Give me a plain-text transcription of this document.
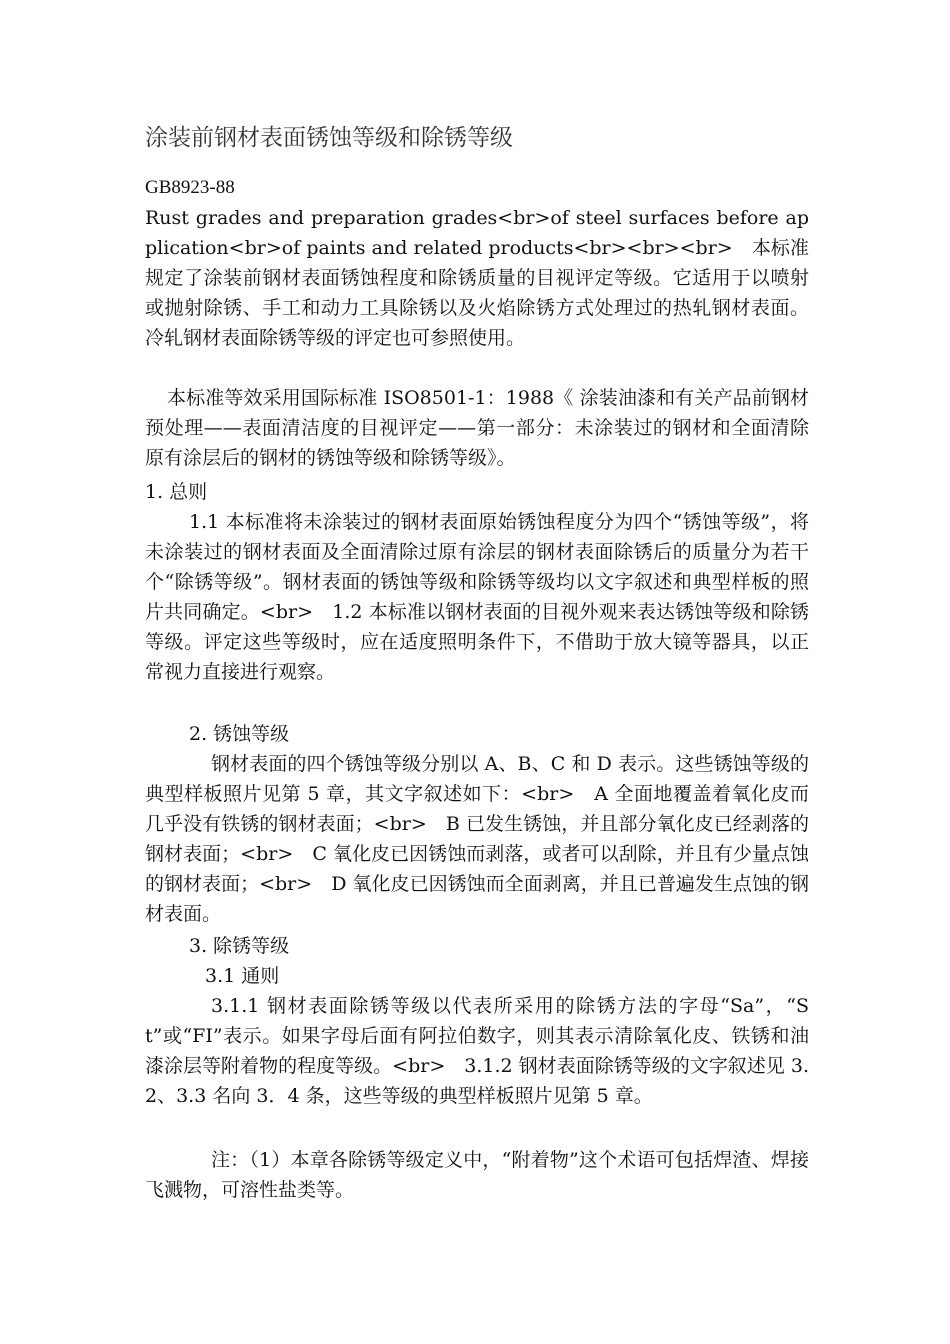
涂装前钢材表面锈蚀等级和除锈等级
GB8923-88

Rust grades and preparation grades<br>of steel surfaces before application<br>of paints and related products<br><br><br>　本标准规定了涂装前钢材表面锈蚀程度和除锈质量的目视评定等级。它适用于以喷射或抛射除锈、手工和动力工具除锈以及火焰除锈方式处理过的热轧钢材表面。冷轧钢材表面除锈等级的评定也可参照使用。

本标准等效采用国际标准 ISO8501-1：1988《 涂装油漆和有关产品前钢材预处理——表面清洁度的目视评定——第一部分：未涂装过的钢材和全面清除原有涂层后的钢材的锈蚀等级和除锈等级》。

1. 总则

1.1 本标准将未涂装过的钢材表面原始锈蚀程度分为四个“锈蚀等级”，将未涂装过的钢材表面及全面清除过原有涂层的钢材表面除锈后的质量分为若干个“除锈等级”。钢材表面的锈蚀等级和除锈等级均以文字叙述和典型样板的照片共同确定。<br>　1.2 本标准以钢材表面的目视外观来表达锈蚀等级和除锈等级。评定这些等级时，应在适度照明条件下，不借助于放大镜等器具，以正常视力直接进行观察。

2. 锈蚀等级

钢材表面的四个锈蚀等级分别以 A、B、C 和 D 表示。这些锈蚀等级的典型样板照片见第 5 章，其文字叙述如下：<br>　A 全面地覆盖着氧化皮而几乎没有铁锈的钢材表面；<br>　B 已发生锈蚀，并且部分氧化皮已经剥落的钢材表面；<br>　C 氧化皮已因锈蚀而剥落，或者可以刮除，并且有少量点蚀的钢材表面；<br>　D 氧化皮已因锈蚀而全面剥离，并且已普遍发生点蚀的钢材表面。

3. 除锈等级

3.1 通则

3.1.1 钢材表面除锈等级以代表所采用的除锈方法的字母“Sa”，“St”或“FI”表示。如果字母后面有阿拉伯数字，则其表示清除氧化皮、铁锈和油漆涂层等附着物的程度等级。<br>　3.1.2 钢材表面除锈等级的文字叙述见 3.2、3.3 名向 3．4 条，这些等级的典型样板照片见第 5 章。

注：（1）本章各除锈等级定义中，“附着物”这个术语可包括焊渣、焊接飞溅物，可溶性盐类等。
